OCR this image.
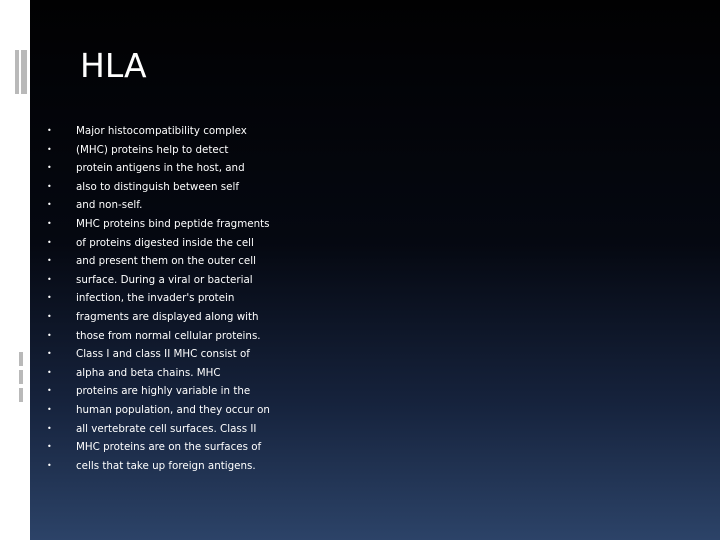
HLA
• Major histocompatibility complex
• (MHC) proteins help to detect
• protein antigens in the host, and
• also to distinguish between self
• and non-self.
• MHC proteins bind peptide fragments
• of proteins digested inside the cell
• and present them on the outer cell
• surface. During a viral or bacterial
• infection, the invader's protein
• fragments are displayed along with
• those from normal cellular proteins.
• Class I and class II MHC consist of
• alpha and beta chains. MHC
• proteins are highly variable in the
• human population, and they occur on
• all vertebrate cell surfaces. Class II
• MHC proteins are on the surfaces of
• cells that take up foreign antigens.
